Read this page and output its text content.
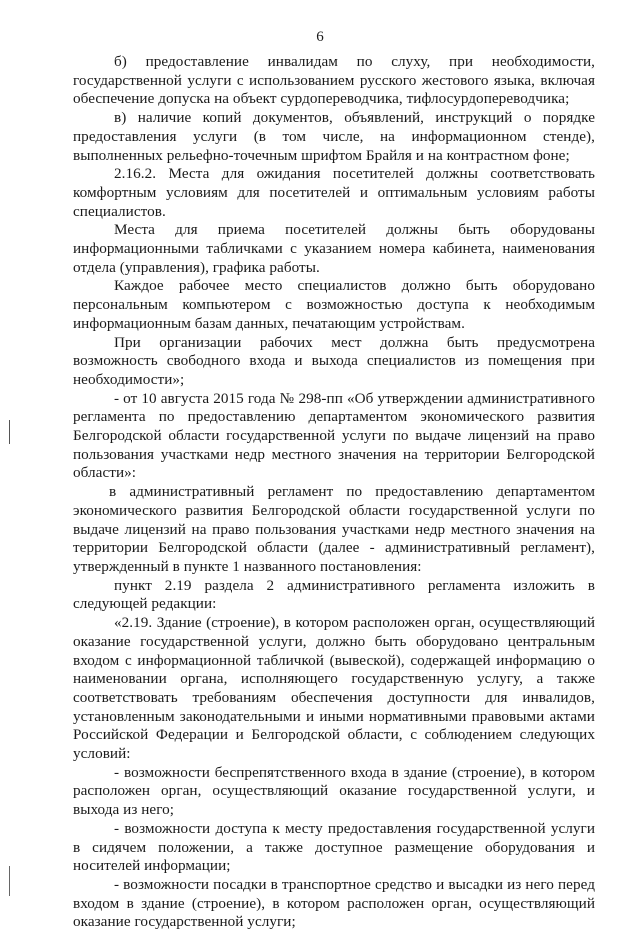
6

б) предоставление инвалидам по слуху, при необходимости, государственной услуги с использованием русского жестового языка, включая обеспечение допуска на объект сурдопереводчика, тифлосурдопереводчика;

в) наличие копий документов, объявлений, инструкций о порядке предоставления услуги (в том числе, на информационном стенде), выполненных рельефно-точечным шрифтом Брайля и на контрастном фоне;

2.16.2. Места для ожидания посетителей должны соответствовать комфортным условиям для посетителей и оптимальным условиям работы специалистов.

Места для приема посетителей должны быть оборудованы информационными табличками с указанием номера кабинета, наименования отдела (управления), графика работы.

Каждое рабочее место специалистов должно быть оборудовано персональным компьютером с возможностью доступа к необходимым информационным базам данных, печатающим устройствам.

При организации рабочих мест должна быть предусмотрена возможность свободного входа и выхода специалистов из помещения при необходимости»;

- от 10 августа 2015 года № 298-пп «Об утверждении административного регламента по предоставлению департаментом экономического развития Белгородской области государственной услуги по выдаче лицензий на право пользования участками недр местного значения на территории Белгородской области»:

в административный регламент по предоставлению департаментом экономического развития Белгородской области государственной услуги по выдаче лицензий на право пользования участками недр местного значения на территории Белгородской области (далее - административный регламент), утвержденный в пункте 1 названного постановления:

пункт 2.19 раздела 2 административного регламента изложить в следующей редакции:

«2.19. Здание (строение), в котором расположен орган, осуществляющий оказание государственной услуги, должно быть оборудовано центральным входом с информационной табличкой (вывеской), содержащей информацию о наименовании органа, исполняющего государственную услугу, а также соответствовать требованиям обеспечения доступности для инвалидов, установленным законодательными и иными нормативными правовыми актами Российской Федерации и Белгородской области, с соблюдением следующих условий:

- возможности беспрепятственного входа в здание (строение), в котором расположен орган, осуществляющий оказание государственной услуги, и выхода из него;

- возможности доступа к месту предоставления государственной услуги в сидячем положении, а также доступное размещение оборудования и носителей информации;

- возможности посадки в транспортное средство и высадки из него перед входом в здание (строение), в котором расположен орган, осуществляющий оказание государственной услуги;
